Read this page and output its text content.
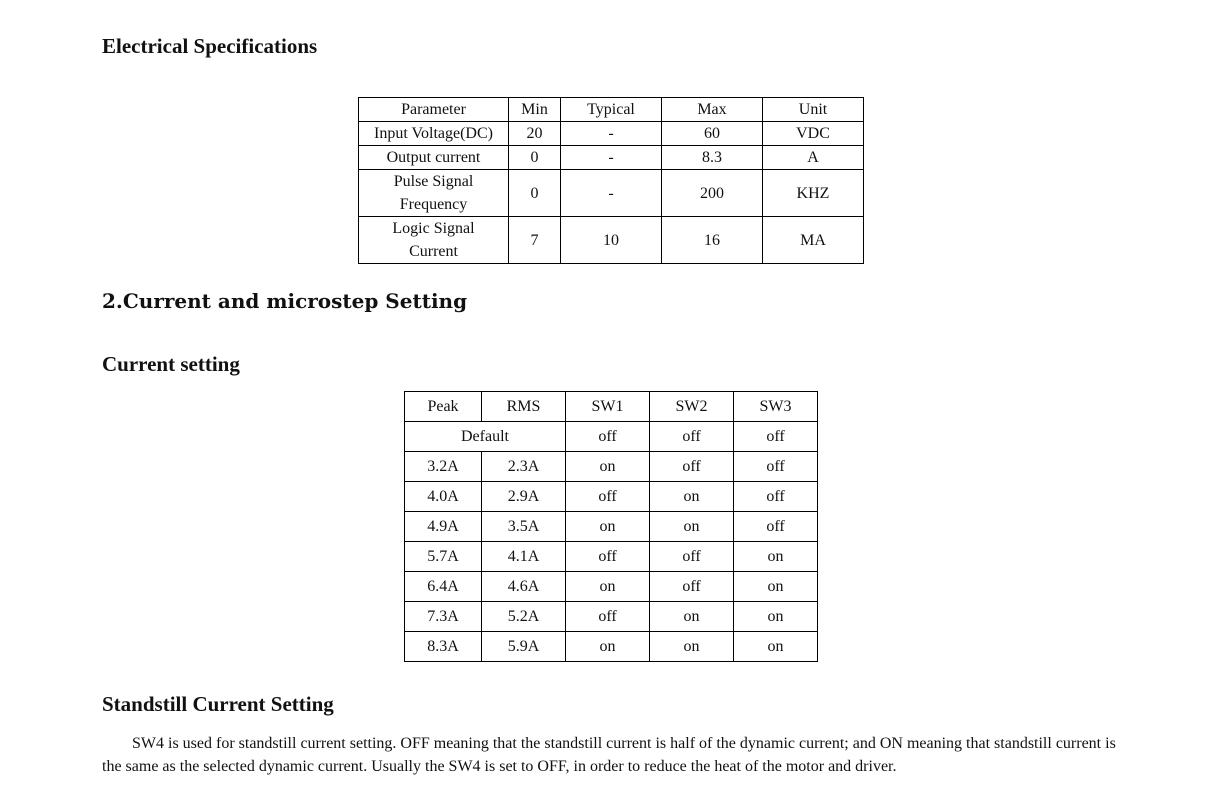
Electrical Specifications
Parameter	Min	Typical	Max	Unit
Input Voltage(DC)	20	-	60	VDC
Output current	0	-	8.3	A
Pulse Signal
Frequency	0	-	200	KHZ
Logic Signal
Current	7	10	16	MA
2.Current and microstep Setting
Current setting
Peak	RMS	SW1	SW2	SW3
Default		off	off	off
3.2A	2.3A	on	off	off
4.0A	2.9A	off	on	off
4.9A	3.5A	on	on	off
5.7A	4.1A	off	off	on
6.4A	4.6A	on	off	on
7.3A	5.2A	off	on	on
8.3A	5.9A	on	on	on
Standstill Current Setting

SW4 is used for standstill current setting. OFF meaning that the standstill current is half of the dynamic current; and ON meaning that standstill current is the same as the selected dynamic current. Usually the SW4 is set to OFF, in order to reduce the heat of the motor and driver.
